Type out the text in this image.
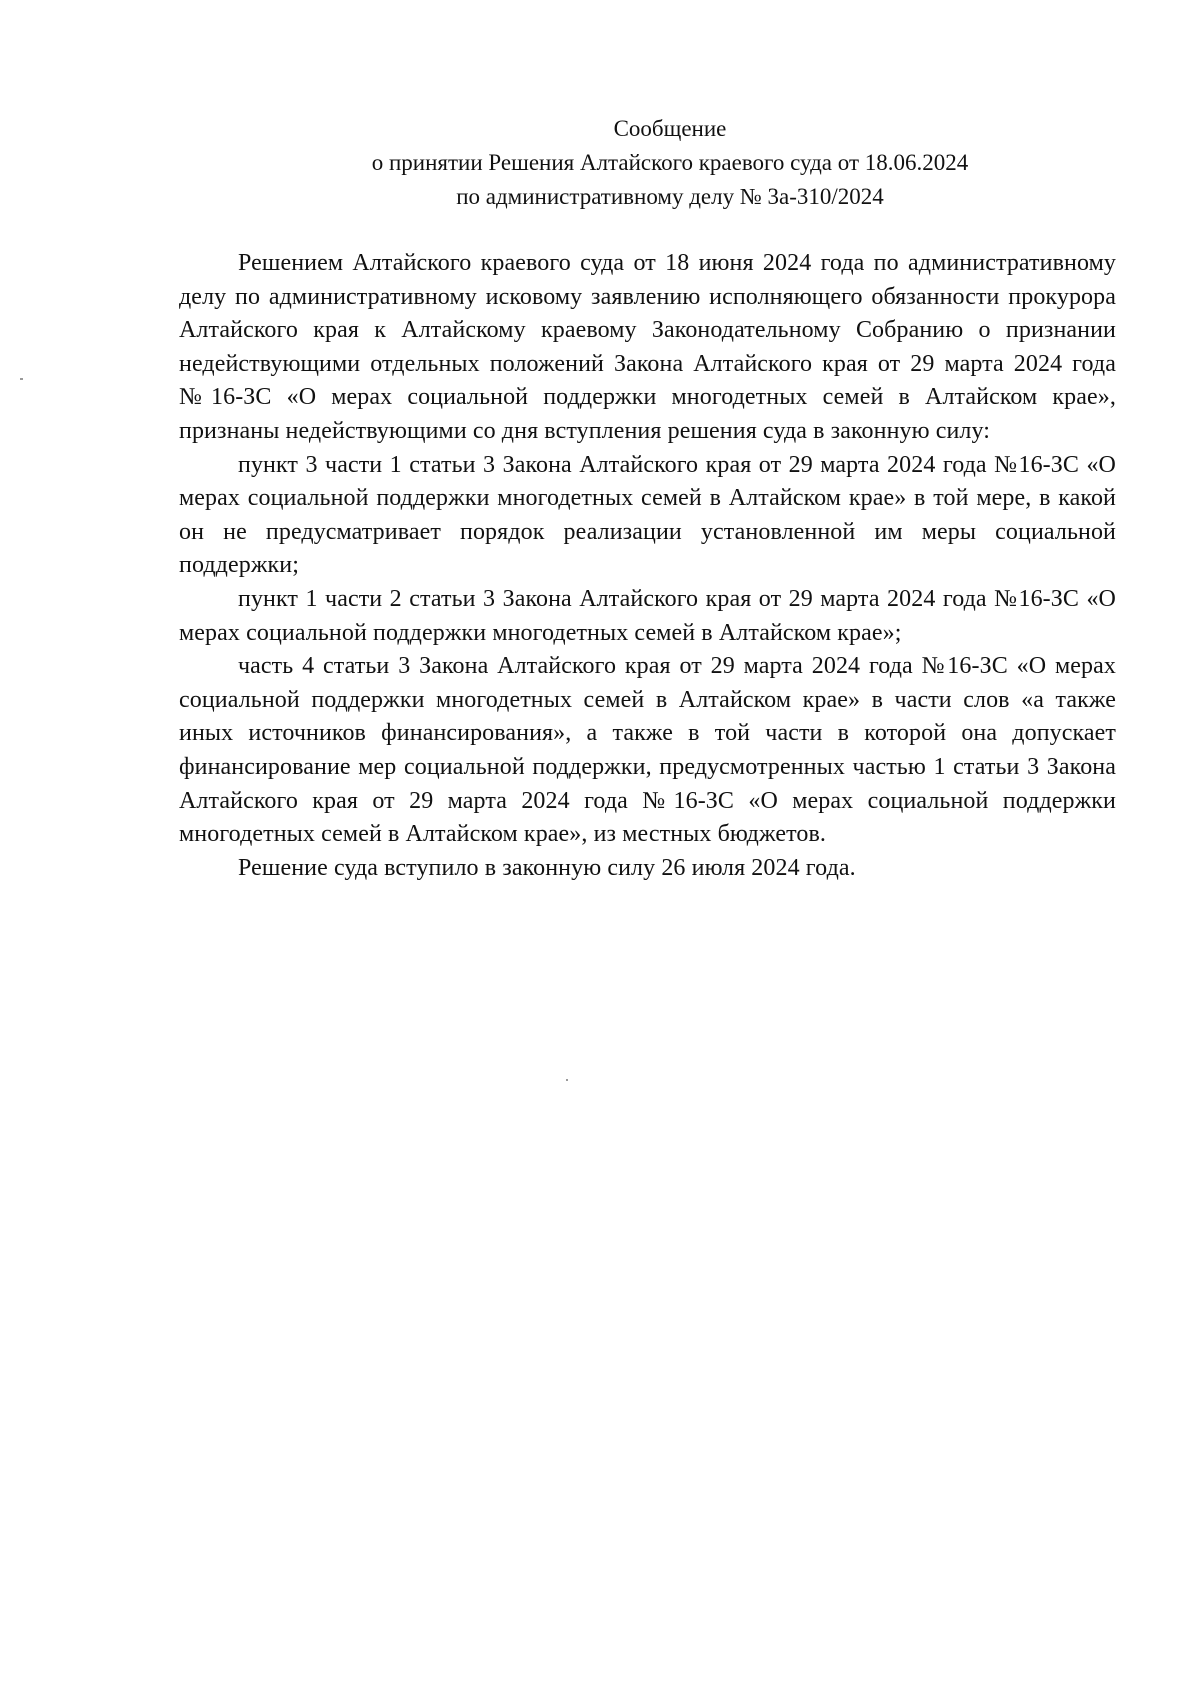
Сообщение
о принятии Решения Алтайского краевого суда от 18.06.2024
по административному делу № 3а-310/2024

Решением Алтайского краевого суда от 18 июня 2024 года по административному делу по административному исковому заявлению исполняющего обязанности прокурора Алтайского края к Алтайскому краевому Законодательному Собранию о признании недействующими отдельных положений Закона Алтайского края от 29 марта 2024 года №16-ЗС «О мерах социальной поддержки многодетных семей в Алтайском крае», признаны недействующими со дня вступления решения суда в законную силу:

пункт 3 части 1 статьи 3 Закона Алтайского края от 29 марта 2024 года №16-ЗС «О мерах социальной поддержки многодетных семей в Алтайском крае» в той мере, в какой он не предусматривает порядок реализации установленной им меры социальной поддержки;

пункт 1 части 2 статьи 3 Закона Алтайского края от 29 марта 2024 года №16-ЗС «О мерах социальной поддержки многодетных семей в Алтайском крае»;

часть 4 статьи 3 Закона Алтайского края от 29 марта 2024 года №16-ЗС «О мерах социальной поддержки многодетных семей в Алтайском крае» в части слов «а также иных источников финансирования», а также в той части в которой она допускает финансирование мер социальной поддержки, предусмотренных частью 1 статьи 3 Закона Алтайского края от 29 марта 2024 года №16-ЗС «О мерах социальной поддержки многодетных семей в Алтайском крае», из местных бюджетов.

Решение суда вступило в законную силу 26 июля 2024 года.
